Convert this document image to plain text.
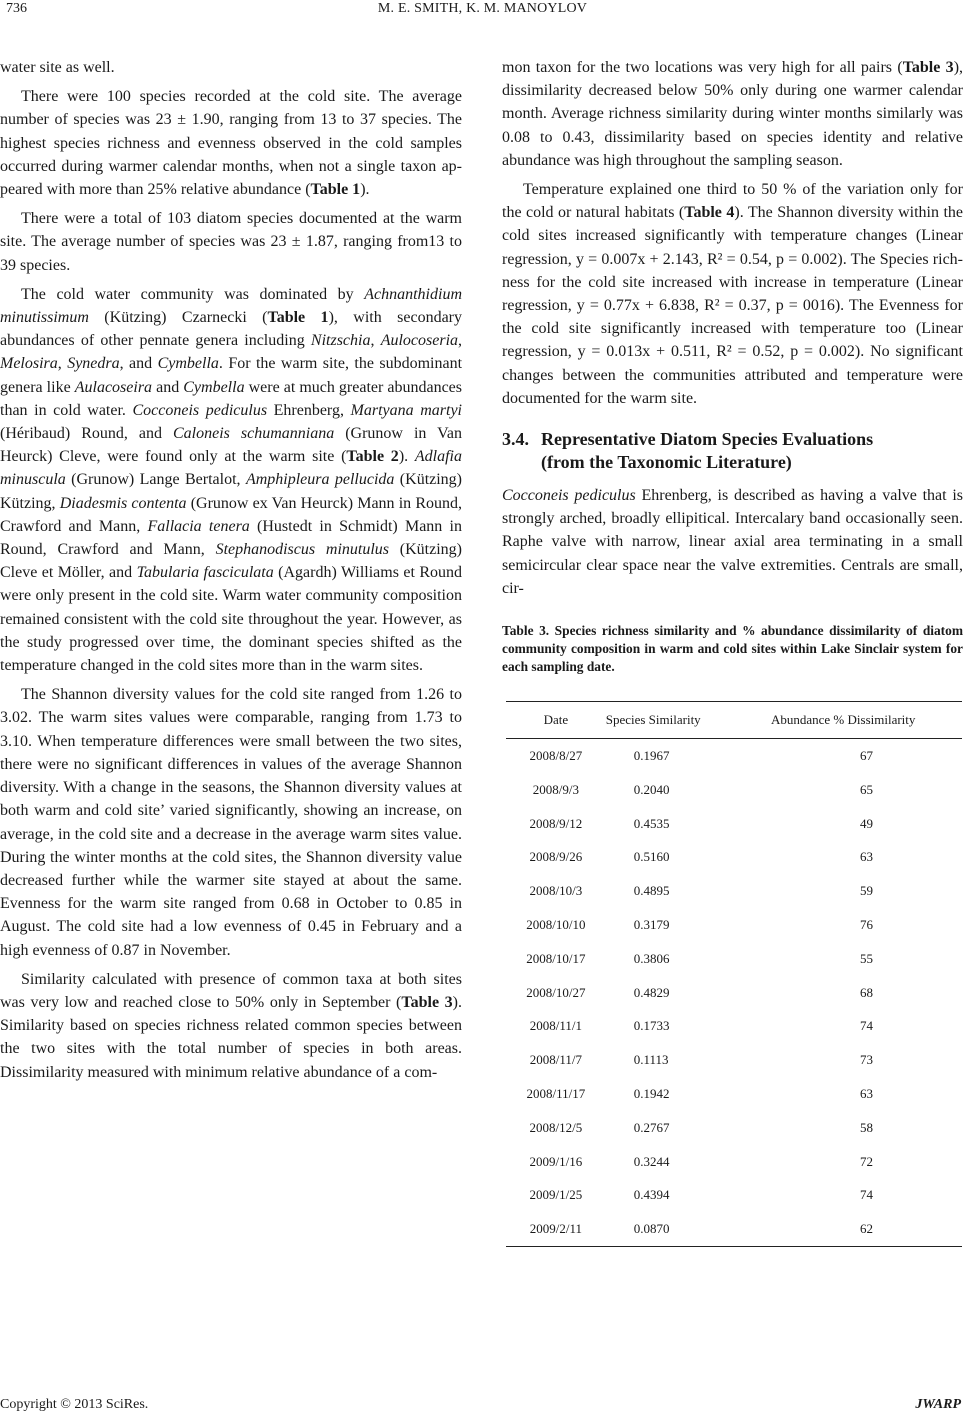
736	M. E. SMITH, K. M. MANOYLOV

water site as well.

There were 100 species recorded at the cold site. The average number of species was 23 ± 1.90, ranging from 13 to 37 species. The highest species richness and evenness observed in the cold samples occurred during warmer calendar months, when not a single taxon appeared with more than 25% relative abundance (Table 1).

There were a total of 103 diatom species documented at the warm site. The average number of species was 23 ± 1.87, ranging from13 to 39 species.

The cold water community was dominated by Achnanthidium minutissimum (Kützing) Czarnecki (Table 1), with secondary abundances of other pennate genera including Nitzschia, Aulocoseria, Melosira, Synedra, and Cymbella. For the warm site, the subdominant genera like Aulacoseira and Cymbella were at much greater abundances than in cold water. Cocconeis pediculus Ehrenberg, Martyana martyi (Héribaud) Round, and Caloneis schumanniana (Grunow in Van Heurck) Cleve, were found only at the warm site (Table 2). Adlafia minuscula (Grunow) Lange Bertalot, Amphipleura pellucida (Kützing) Kützing, Diadesmis contenta (Grunow ex Van Heurck) Mann in Round, Crawford and Mann, Fallacia tenera (Hustedt in Schmidt) Mann in Round, Crawford and Mann, Stephanodiscus minutulus (Kützing) Cleve et Möller, and Tabularia fasciculata (Agardh) Williams et Round were only present in the cold site. Warm water community composition remained consistent with the cold site throughout the year. However, as the study progressed over time, the dominant species shifted as the temperature changed in the cold sites more than in the warm sites.

The Shannon diversity values for the cold site ranged from 1.26 to 3.02. The warm sites values were comparable, ranging from 1.73 to 3.10. When temperature differences were small between the two sites, there were no significant differences in values of the average Shannon diversity. With a change in the seasons, the Shannon diversity values at both warm and cold site’ varied significantly, showing an increase, on average, in the cold site and a decrease in the average warm sites value. During the winter months at the cold sites, the Shannon diversity value decreased further while the warmer site stayed at about the same. Evenness for the warm site ranged from 0.68 in October to 0.85 in August. The cold site had a low evenness of 0.45 in February and a high evenness of 0.87 in November.

Similarity calculated with presence of common taxa at both sites was very low and reached close to 50% only in September (Table 3). Similarity based on species richness related common species between the two sites with the total number of species in both areas. Dissimilarity measured with minimum relative abundance of a com-

mon taxon for the two locations was very high for all pairs (Table 3), dissimilarity decreased below 50% only during one warmer calendar month. Average richness similarity during winter months similarly was 0.08 to 0.43, dissimilarity based on species identity and relative abundance was high throughout the sampling season.

Temperature explained one third to 50 % of the variation only for the cold or natural habitats (Table 4). The Shannon diversity within the cold sites increased significantly with temperature changes (Linear regression, y = 0.007x + 2.143, R² = 0.54, p = 0.002). The Species richness for the cold site increased with increase in temperature (Linear regression, y = 0.77x + 6.838, R² = 0.37, p = 0016). The Evenness for the cold site significantly increased with temperature too (Linear regression, y = 0.013x + 0.511, R² = 0.52, p = 0.002). No significant changes between the communities attributed and temperature were documented for the warm site.

3.4. Representative Diatom Species Evaluations
(from the Taxonomic Literature)

Cocconeis pediculus Ehrenberg, is described as having a valve that is strongly arched, broadly ellipitical. Intercalary band occasionally seen. Raphe valve with narrow, linear axial area terminating in a small semicircular clear space near the valve extremities. Centrals are small, cir-

Table 3. Species richness similarity and % abundance dissimilarity of diatom community composition in warm and cold sites within Lake Sinclair system for each sampling date.
Date	Species Similarity	Abundance % Dissimilarity
2008/8/27	0.1967	67
2008/9/3	0.2040	65
2008/9/12	0.4535	49
2008/9/26	0.5160	63
2008/10/3	0.4895	59
2008/10/10	0.3179	76
2008/10/17	0.3806	55
2008/10/27	0.4829	68
2008/11/1	0.1733	74
2008/11/7	0.1113	73
2008/11/17	0.1942	63
2008/12/5	0.2767	58
2009/1/16	0.3244	72
2009/1/25	0.4394	74
2009/2/11	0.0870	62
Copyright © 2013 SciRes.	JWARP
